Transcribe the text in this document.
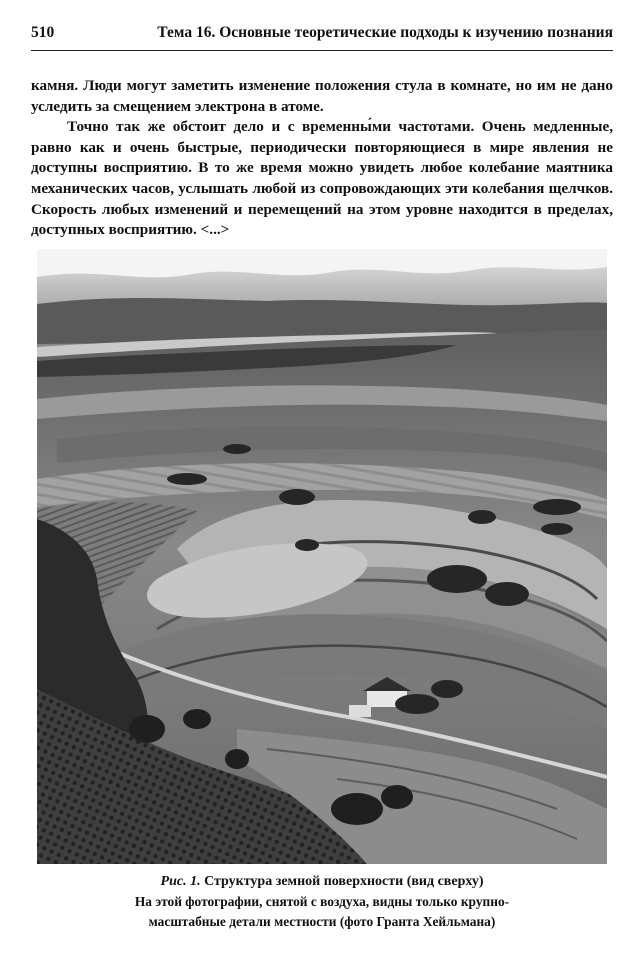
510	Тема 16. Основные теоретические подходы к изучению познания

камня. Люди могут заметить изменение положения стула в комнате, но им не дано уследить за смещением электрона в атоме.

Точно так же обстоит дело и с временны́ми частотами. Очень медленные, равно как и очень быстрые, периодически повторяющиеся в мире явления не доступны восприятию. В то же время можно увидеть любое колебание маятника механических часов, услышать любой из сопровождающих эти колебания щелчков. Скорость любых изменений и перемещений на этом уровне находится в пределах, доступных восприятию. <...>

Рис. 1. Структура земной поверхности (вид сверху)
На этой фотографии, снятой с воздуха, видны только крупно-
масштабные детали местности (фото Гранта Хейльмана)
